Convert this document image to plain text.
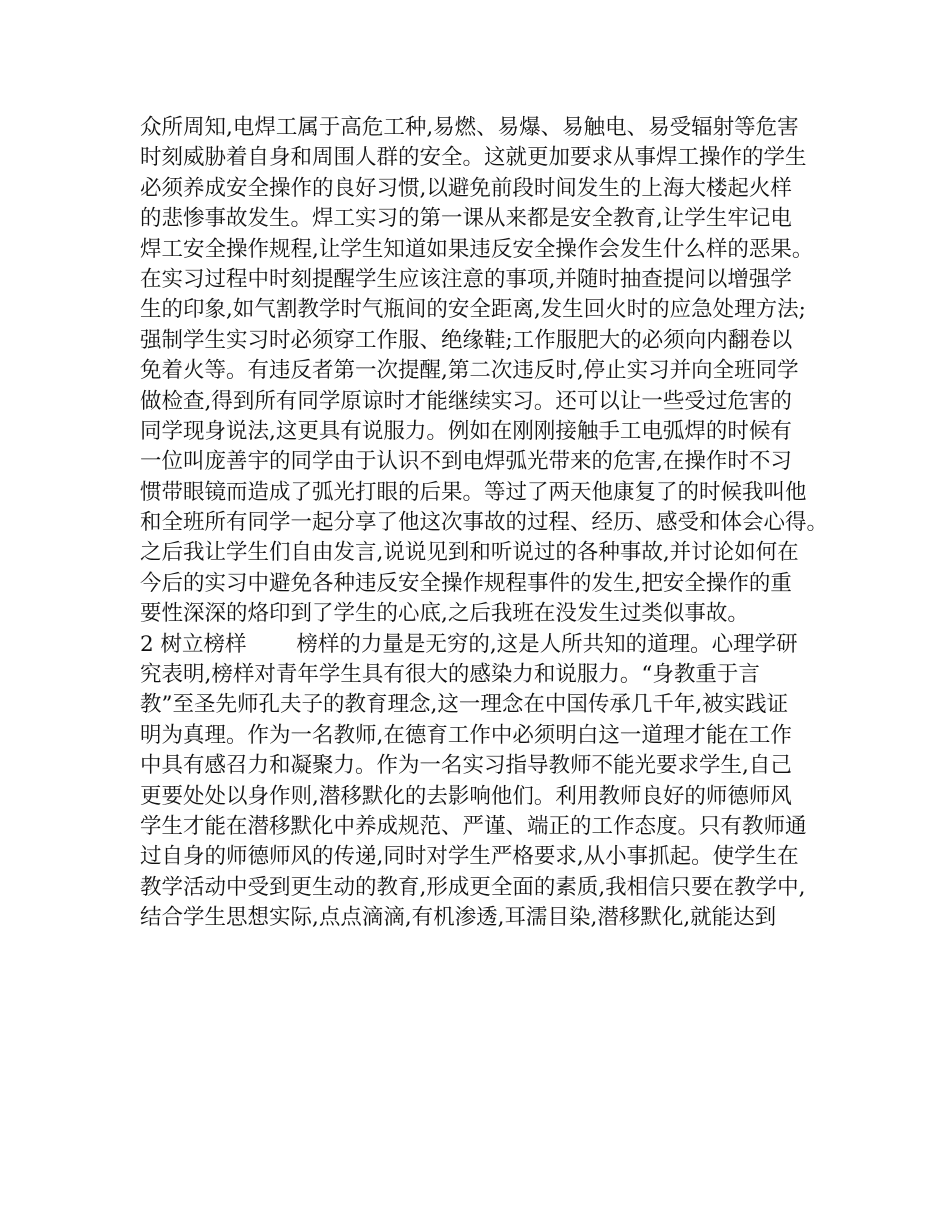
众所周知,电焊工属于高危工种,易燃、易爆、易触电、易受辐射等危害
时刻威胁着自身和周围人群的安全。这就更加要求从事焊工操作的学生
必须养成安全操作的良好习惯,以避免前段时间发生的上海大楼起火样
的悲惨事故发生。焊工实习的第一课从来都是安全教育,让学生牢记电
焊工安全操作规程,让学生知道如果违反安全操作会发生什么样的恶果。
在实习过程中时刻提醒学生应该注意的事项,并随时抽查提问以增强学
生的印象,如气割教学时气瓶间的安全距离,发生回火时的应急处理方法;
强制学生实习时必须穿工作服、绝缘鞋;工作服肥大的必须向内翻卷以
免着火等。有违反者第一次提醒,第二次违反时,停止实习并向全班同学
做检查,得到所有同学原谅时才能继续实习。还可以让一些受过危害的
同学现身说法,这更具有说服力。例如在刚刚接触手工电弧焊的时候有
一位叫庞善宇的同学由于认识不到电焊弧光带来的危害,在操作时不习
惯带眼镜而造成了弧光打眼的后果。等过了两天他康复了的时候我叫他
和全班所有同学一起分享了他这次事故的过程、经历、感受和体会心得。
之后我让学生们自由发言,说说见到和听说过的各种事故,并讨论如何在
今后的实习中避免各种违反安全操作规程事件的发生,把安全操作的重
要性深深的烙印到了学生的心底,之后我班在没发生过类似事故。
2 树立榜样 　　榜样的力量是无穷的,这是人所共知的道理。心理学研
究表明,榜样对青年学生具有很大的感染力和说服力。“身教重于言
教”至圣先师孔夫子的教育理念,这一理念在中国传承几千年,被实践证
明为真理。作为一名教师,在德育工作中必须明白这一道理才能在工作
中具有感召力和凝聚力。作为一名实习指导教师不能光要求学生,自己
更要处处以身作则,潜移默化的去影响他们。利用教师良好的师德师风
学生才能在潜移默化中养成规范、严谨、端正的工作态度。只有教师通
过自身的师德师风的传递,同时对学生严格要求,从小事抓起。使学生在
教学活动中受到更生动的教育,形成更全面的素质,我相信只要在教学中,
结合学生思想实际,点点滴滴,有机渗透,耳濡目染,潜移默化,就能达到
